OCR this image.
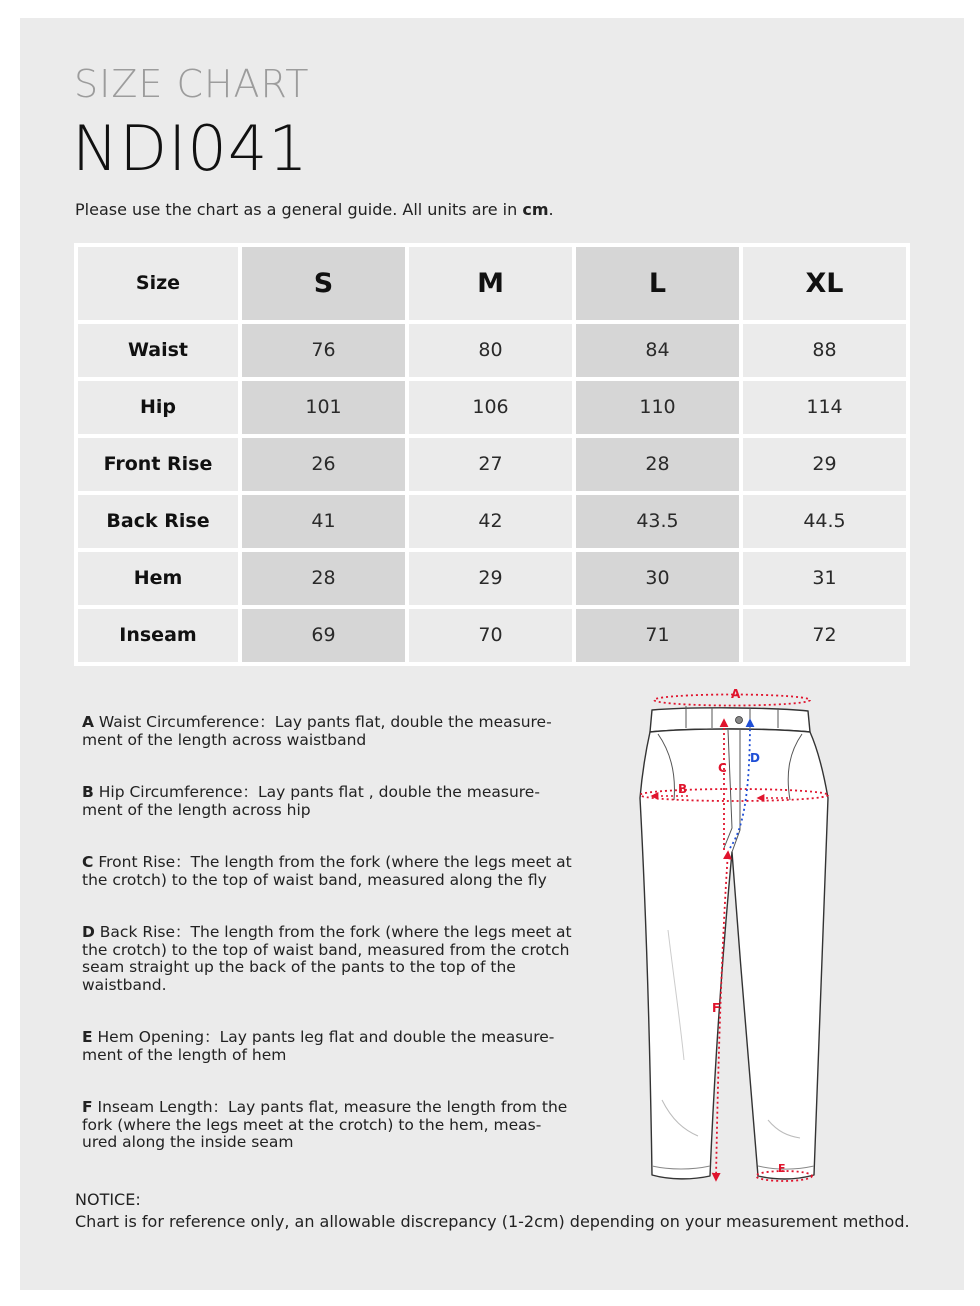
SIZE CHART
NDI041
Please use the chart as a general guide. All units are in cm.
Size	S	M	L	XL
Waist	76	80	84	88
Hip	101	106	110	114
Front Rise	26	27	28	29
Back Rise	41	42	43.5	44.5
Hem	28	29	30	31
Inseam	69	70	71	72
A Waist Circumference：Lay pants flat, double the measure-ment of the length across waistband
B Hip Circumference：Lay pants flat , double the measure-ment of the length across hip
C Front Rise：The length from the fork (where the legs meet at the crotch) to the top of waist band, measured along the fly
D Back Rise：The length from the fork (where the legs meet at the crotch) to the top of waist band, measured from the crotch seam straight up the back of the pants to the top of the waistband.
E Hem Opening：Lay pants leg flat and double the measure-ment of the length of hem
F Inseam Length：Lay pants flat, measure the length from the fork (where the legs meet at the crotch) to the hem, meas-ured along the inside seam
A
B
C
D
F
E
NOTICE:
Chart is for reference only, an allowable discrepancy (1-2cm) depending on your measurement method.
